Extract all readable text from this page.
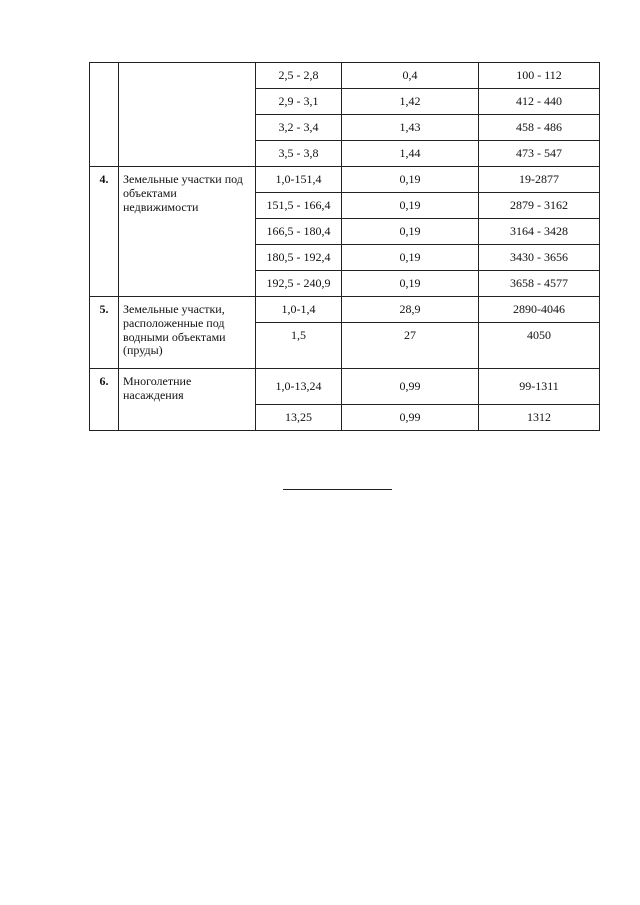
		2,5 - 2,8	0,4	100 - 112
		2,9 - 3,1	1,42	412 - 440
		3,2 - 3,4	1,43	458 - 486
		3,5 - 3,8	1,44	473 - 547
4.	Земельные участки под объектами недвижимости	1,0-151,4	0,19	19-2877
		151,5 - 166,4	0,19	2879 - 3162
		166,5 - 180,4	0,19	3164 - 3428
		180,5 - 192,4	0,19	3430 - 3656
		192,5 - 240,9	0,19	3658 - 4577
5.	Земельные участки, расположенные под водными объектами (пруды)	1,0-1,4	28,9	2890-4046
		1,5	27	4050
6.	Многолетние насаждения	1,0-13,24	0,99	99-1311
		13,25	0,99	1312
